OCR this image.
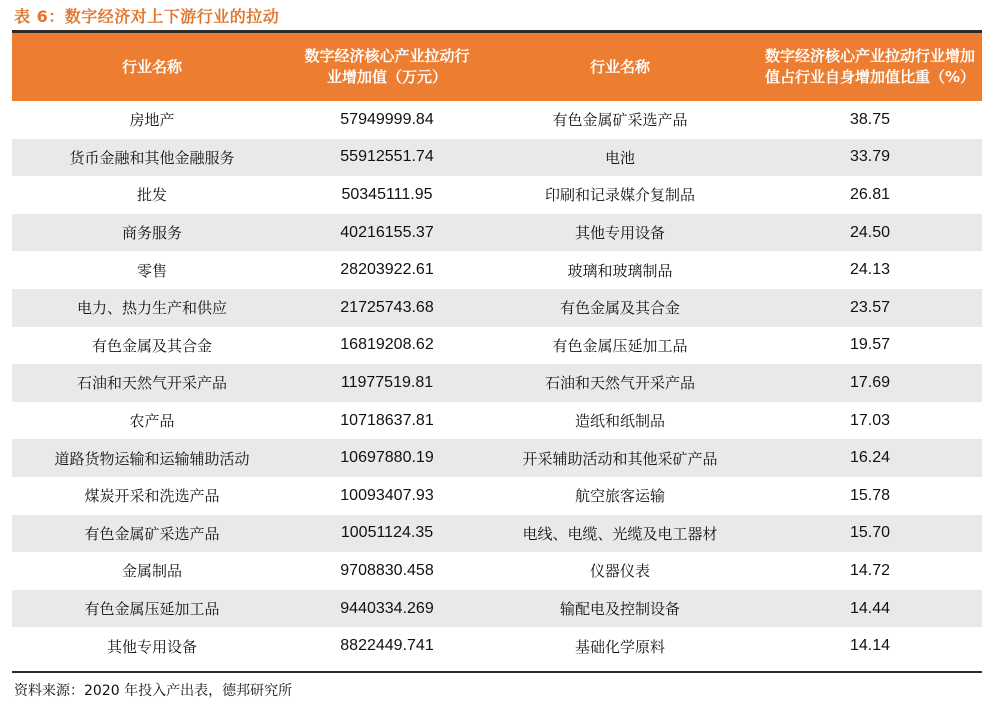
表 6：数字经济对上下游行业的拉动
行业名称	数字经济核心产业拉动行业增加值（万元）	行业名称	数字经济核心产业拉动行业增加值占行业自身增加值比重（%）
房地产	57949999.84	有色金属矿采选产品	38.75
货币金融和其他金融服务	55912551.74	电池	33.79
批发	50345111.95	印刷和记录媒介复制品	26.81
商务服务	40216155.37	其他专用设备	24.50
零售	28203922.61	玻璃和玻璃制品	24.13
电力、热力生产和供应	21725743.68	有色金属及其合金	23.57
有色金属及其合金	16819208.62	有色金属压延加工品	19.57
石油和天然气开采产品	11977519.81	石油和天然气开采产品	17.69
农产品	10718637.81	造纸和纸制品	17.03
道路货物运输和运输辅助活动	10697880.19	开采辅助活动和其他采矿产品	16.24
煤炭开采和洗选产品	10093407.93	航空旅客运输	15.78
有色金属矿采选产品	10051124.35	电线、电缆、光缆及电工器材	15.70
金属制品	9708830.458	仪器仪表	14.72
有色金属压延加工品	9440334.269	输配电及控制设备	14.44
其他专用设备	8822449.741	基础化学原料	14.14
资料来源：2020 年投入产出表，德邦研究所
